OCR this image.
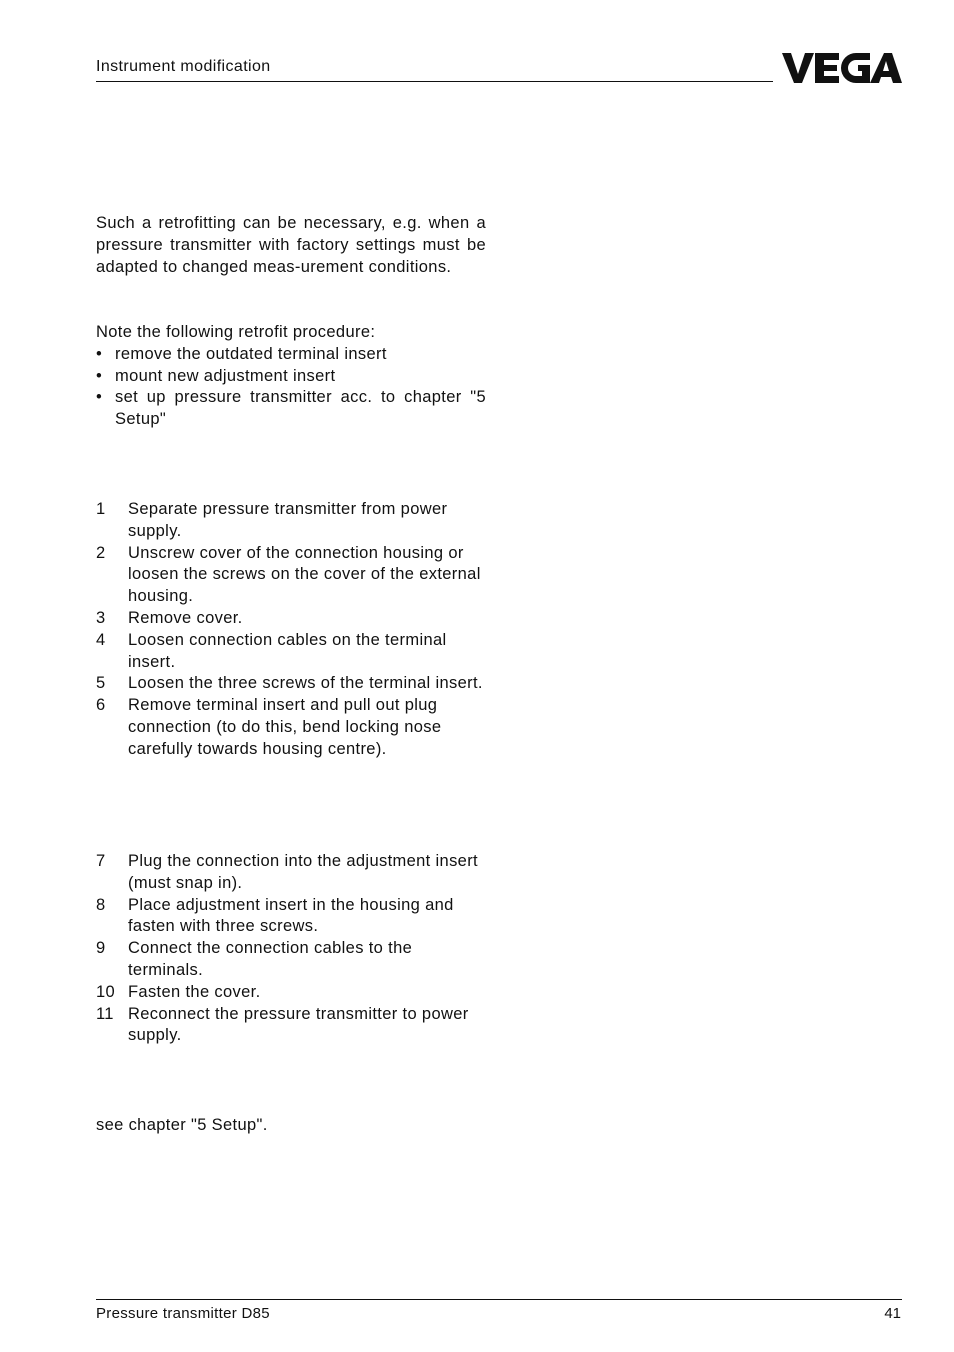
Instrument modification

Such a retrofitting can be necessary, e.g. when a pressure transmitter with factory settings must be adapted to changed meas-urement conditions.

Note the following retrofit procedure:

• remove the outdated terminal insert
• mount new adjustment insert
• set up pressure transmitter acc. to chapter "5 Setup"
1 Separate pressure transmitter from power supply.
2 Unscrew cover of the connection housing or loosen the screws on the cover of the external housing.
3 Remove cover.
4 Loosen connection cables on the terminal insert.
5 Loosen the three screws of the terminal insert.
6 Remove terminal insert and pull out plug connection (to do this, bend locking nose carefully towards housing centre).
7 Plug the connection into the adjustment insert (must snap in).
8 Place adjustment insert in the housing and fasten with three screws.
9 Connect the connection cables to the terminals.
10 Fasten the cover.
11 Reconnect the pressure transmitter to power supply.

see chapter "5 Setup".

Pressure transmitter D85	41
